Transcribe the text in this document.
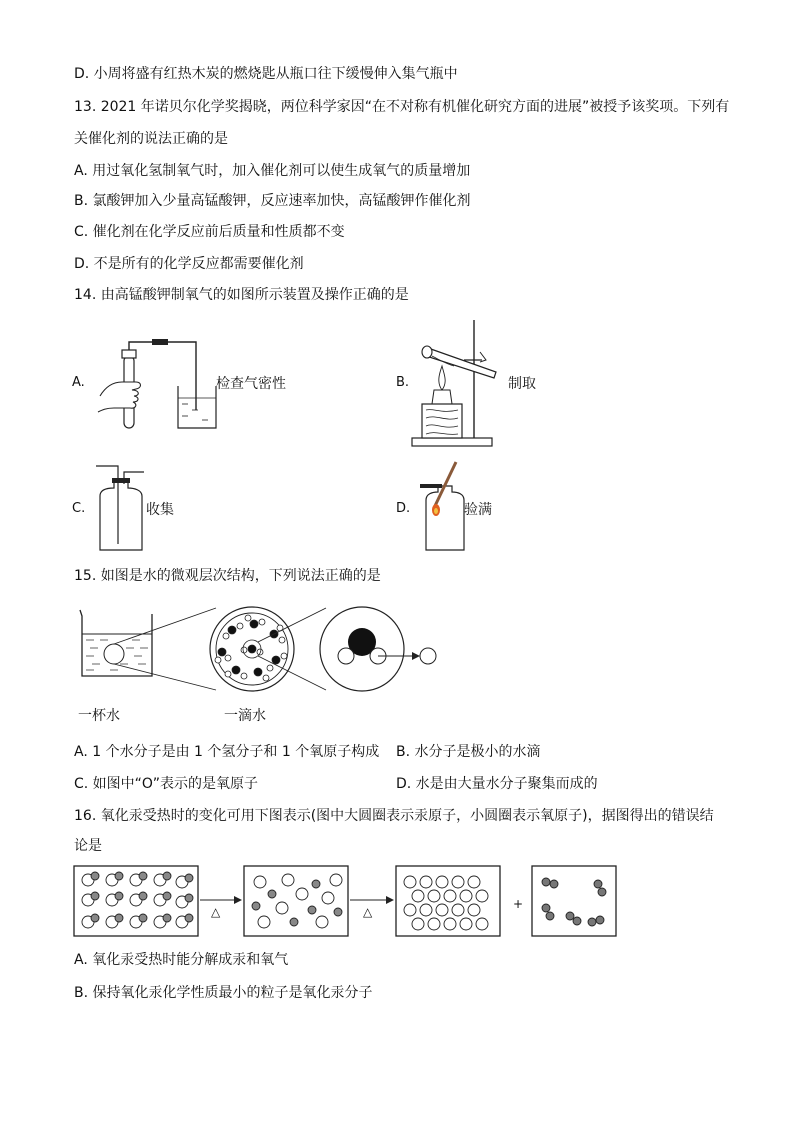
D. 小周将盛有红热木炭的燃烧匙从瓶口往下缓慢伸入集气瓶中
13. 2021 年诺贝尔化学奖揭晓，两位科学家因“在不对称有机催化研究方面的进展”被授予该奖项。下列有
关催化剂的说法正确的是
A. 用过氧化氢制氧气时，加入催化剂可以使生成氧气的质量增加
B. 氯酸钾加入少量高锰酸钾，反应速率加快，高锰酸钾作催化剂
C. 催化剂在化学反应前后质量和性质都不变
D. 不是所有的化学反应都需要催化剂
14. 由高锰酸钾制氧气的如图所示装置及操作正确的是
A.	检查气密性	B.	制取
C.	收集	D.	验满
15. 如图是水的微观层次结构，下列说法正确的是
一杯水	一滴水
A. 1 个水分子是由 1 个氢分子和 1 个氧原子构成 B. 水分子是极小的水滴
C. 如图中“O”表示的是氧原子	D. 水是由大量水分子聚集而成的
16. 氧化汞受热时的变化可用下图表示(图中大圆圈表示汞原子，小圆圈表示氧原子)，据图得出的错误结
论是
△	△
+
A. 氧化汞受热时能分解成汞和氧气
B. 保持氧化汞化学性质最小的粒子是氧化汞分子
